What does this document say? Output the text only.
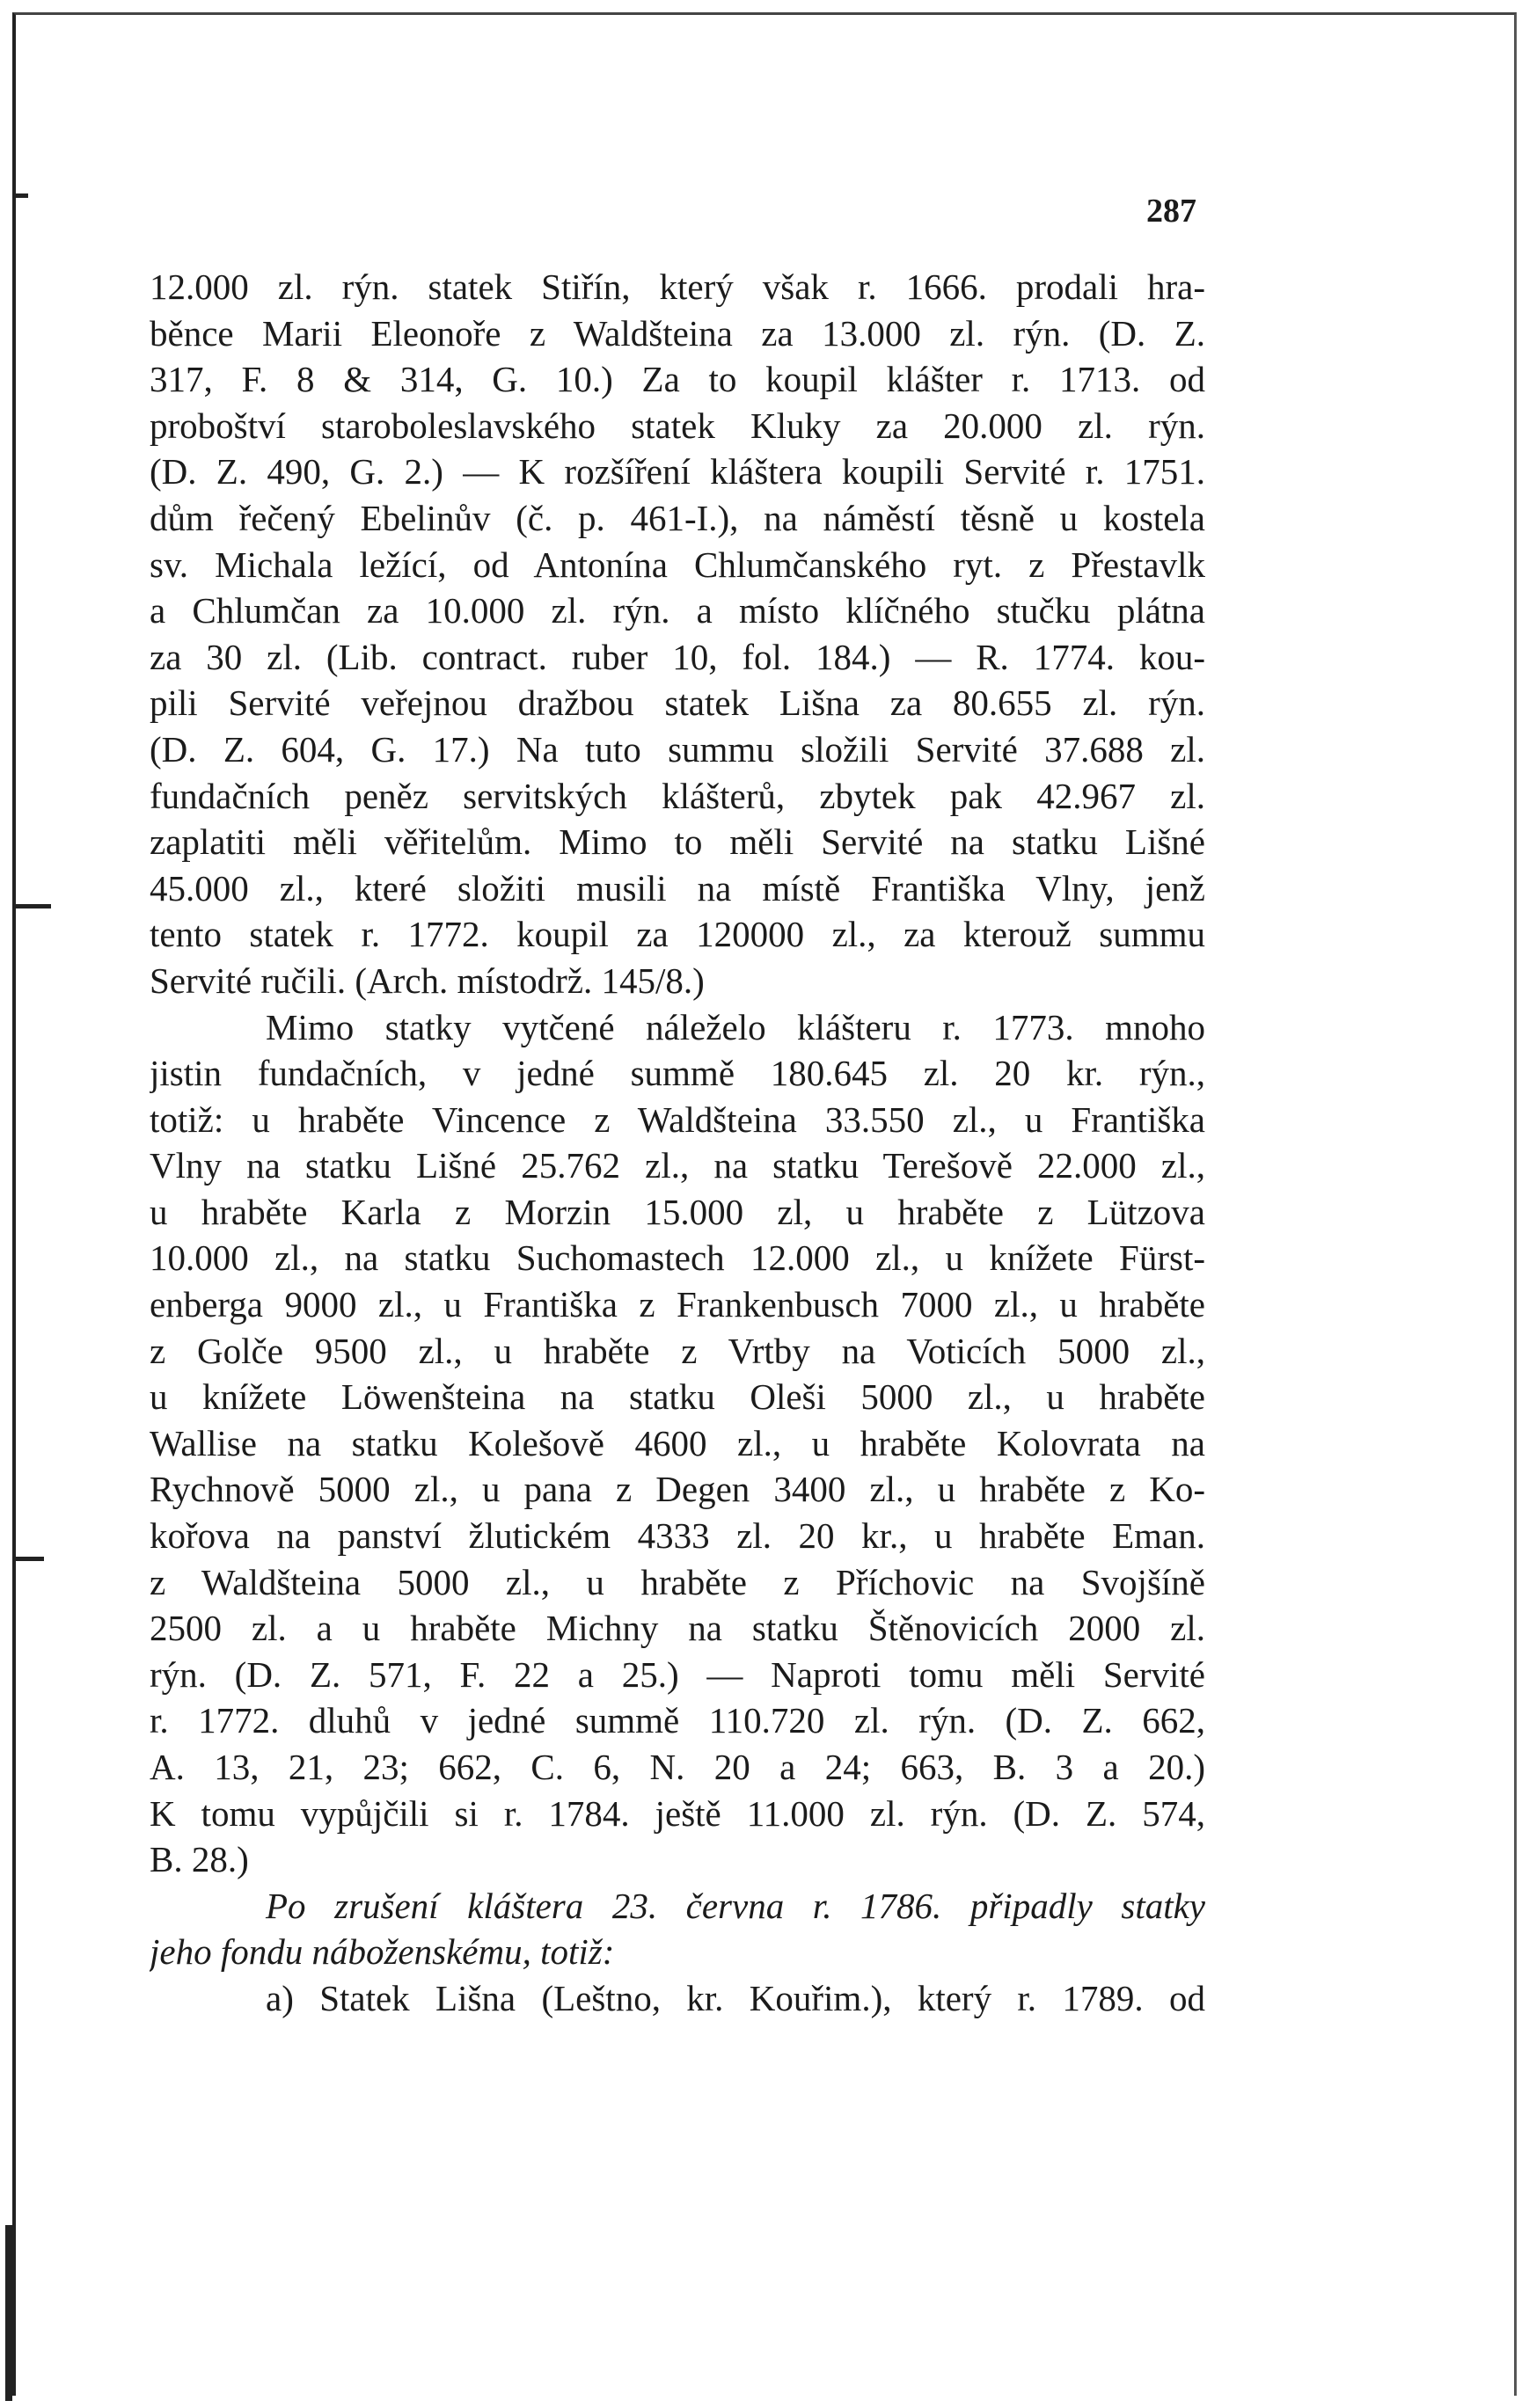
287
12.000 zl. rýn. statek Stiřín, který však r. 1666. prodali hra-
běnce Marii Eleonoře z Waldšteina za 13.000 zl. rýn. (D. Z.
317, F. 8 & 314, G. 10.) Za to koupil klášter r. 1713. od
proboštví staroboleslavského statek Kluky za 20.000 zl. rýn.
(D. Z. 490, G. 2.) — K rozšíření kláštera koupili Servité r. 1751.
dům řečený Ebelinův (č. p. 461-I.), na náměstí těsně u kostela
sv. Michala ležící, od Antonína Chlumčanského ryt. z Přestavlk
a Chlumčan za 10.000 zl. rýn. a místo klíčného stučku plátna
za 30 zl. (Lib. contract. ruber 10, fol. 184.) — R. 1774. kou-
pili Servité veřejnou dražbou statek Lišna za 80.655 zl. rýn.
(D. Z. 604, G. 17.) Na tuto summu složili Servité 37.688 zl.
fundačních peněz servitských klášterů, zbytek pak 42.967 zl.
zaplatiti měli věřitelům. Mimo to měli Servité na statku Lišné
45.000 zl., které složiti musili na místě Františka Vlny, jenž
tento statek r. 1772. koupil za 120000 zl., za kterouž summu
Servité ručili. (Arch. místodrž. 145/8.)
Mimo statky vytčené náleželo klášteru r. 1773. mnoho
jistin fundačních, v jedné summě 180.645 zl. 20 kr. rýn.,
totiž: u hraběte Vincence z Waldšteina 33.550 zl., u Františka
Vlny na statku Lišné 25.762 zl., na statku Terešově 22.000 zl.,
u hraběte Karla z Morzin 15.000 zl, u hraběte z Lützova
10.000 zl., na statku Suchomastech 12.000 zl., u knížete Fürst-
enberga 9000 zl., u Františka z Frankenbusch 7000 zl., u hraběte
z Golče 9500 zl., u hraběte z Vrtby na Voticích 5000 zl.,
u knížete Löwenšteina na statku Oleši 5000 zl., u hraběte
Wallise na statku Kolešově 4600 zl., u hraběte Kolovrata na
Rychnově 5000 zl., u pana z Degen 3400 zl., u hraběte z Ko-
kořova na panství žlutickém 4333 zl. 20 kr., u hraběte Eman.
z Waldšteina 5000 zl., u hraběte z Příchovic na Svojšíně
2500 zl. a u hraběte Michny na statku Štěnovicích 2000 zl.
rýn. (D. Z. 571, F. 22 a 25.) — Naproti tomu měli Servité
r. 1772. dluhů v jedné summě 110.720 zl. rýn. (D. Z. 662,
A. 13, 21, 23; 662, C. 6, N. 20 a 24; 663, B. 3 a 20.)
K tomu vypůjčili si r. 1784. ještě 11.000 zl. rýn. (D. Z. 574,
B. 28.)
Po zrušení kláštera 23. června r. 1786. připadly statky
jeho fondu náboženskému, totiž:
a) Statek Lišna (Leštno, kr. Kouřim.), který r. 1789. od
